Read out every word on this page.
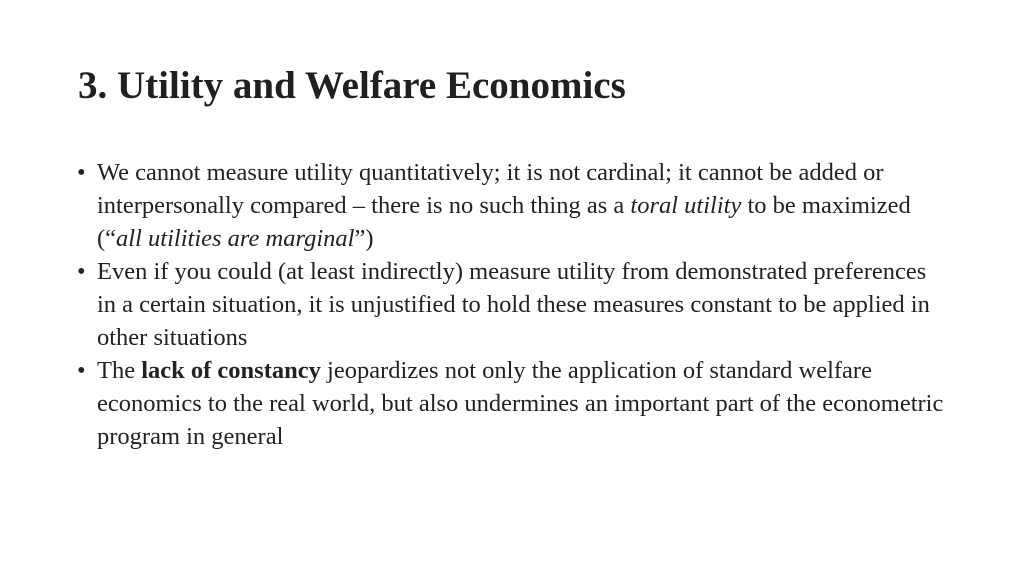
3. Utility and Welfare Economics
• We cannot measure utility quantitatively; it is not cardinal; it cannot be added or interpersonally compared – there is no such thing as a toral utility to be maximized (“all utilities are marginal”)
• Even if you could (at least indirectly) measure utility from demonstrated preferences in a certain situation, it is unjustified to hold these measures constant to be applied in other situations
• The lack of constancy jeopardizes not only the application of standard welfare economics to the real world, but also undermines an important part of the econometric program in general
